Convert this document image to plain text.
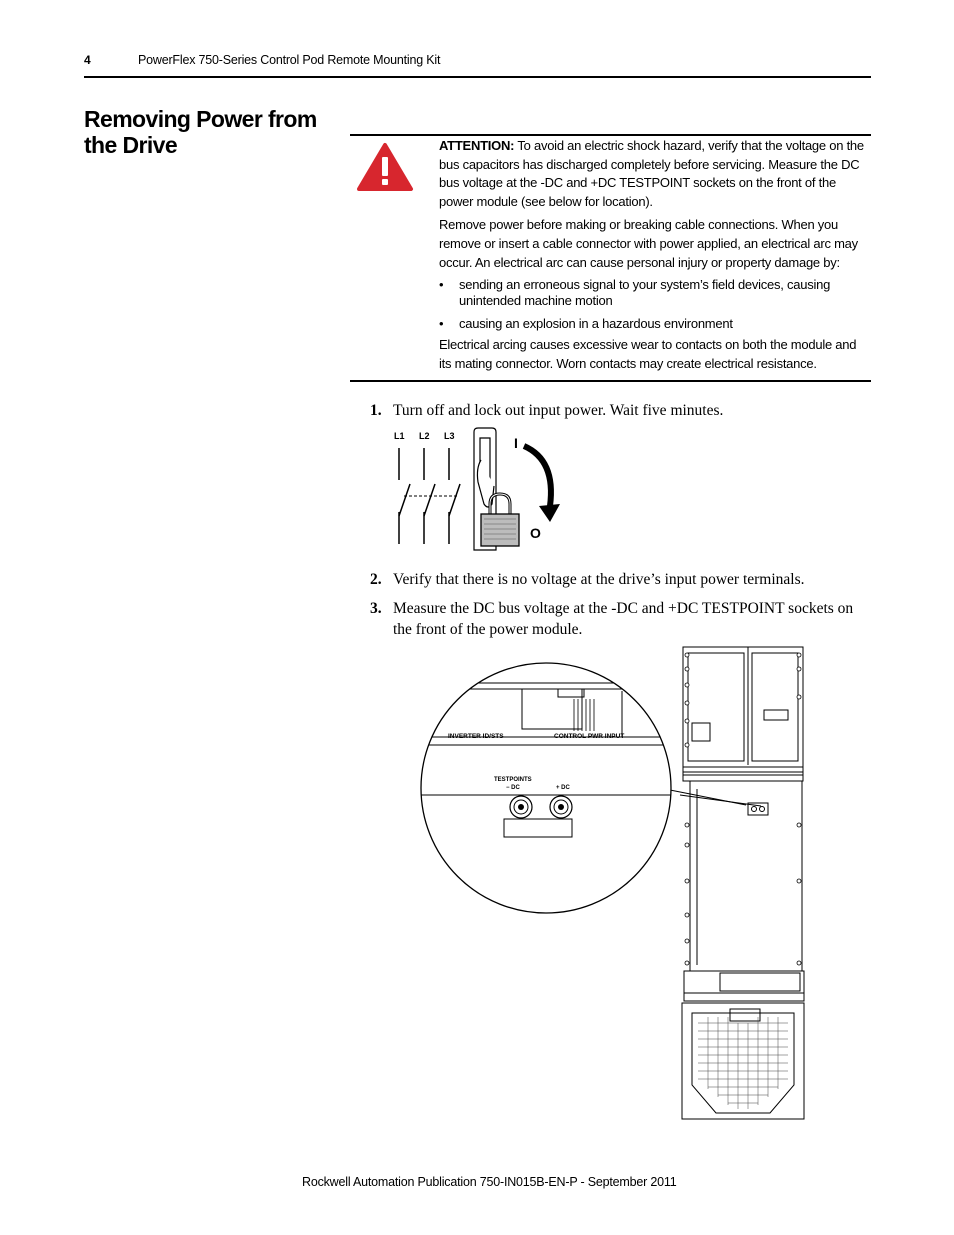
4	PowerFlex 750-Series Control Pod Remote Mounting Kit
Removing Power from the Drive	ATTENTION: To avoid an electric shock hazard, verify that the voltage on the bus capacitors has discharged completely before servicing. Measure the DC bus voltage at the -DC and +DC TESTPOINT sockets on the front of the power module (see below for location).

Remove power before making or breaking cable connections. When you remove or insert a cable connector with power applied, an electrical arc may occur. An electrical arc can cause personal injury or property damage by:

•	sending an erroneous signal to your system’s field devices, causing unintended machine motion
•	causing an explosion in a hazardous environment

Electrical arcing causes excessive wear to contacts on both the module and its mating connector. Worn contacts may create electrical resistance.

1. Turn off and lock out input power. Wait five minutes.
L1 L2 L3	I
O
2. Verify that there is no voltage at the drive’s input power terminals.
3. Measure the DC bus voltage at the -DC and +DC TESTPOINT sockets on the front of the power module.
INVERTER ID/STS	CONTROL PWR INPUT
TESTPOINTS
− DC	+ DC
Rockwell Automation Publication 750-IN015B-EN-P - September 2011
